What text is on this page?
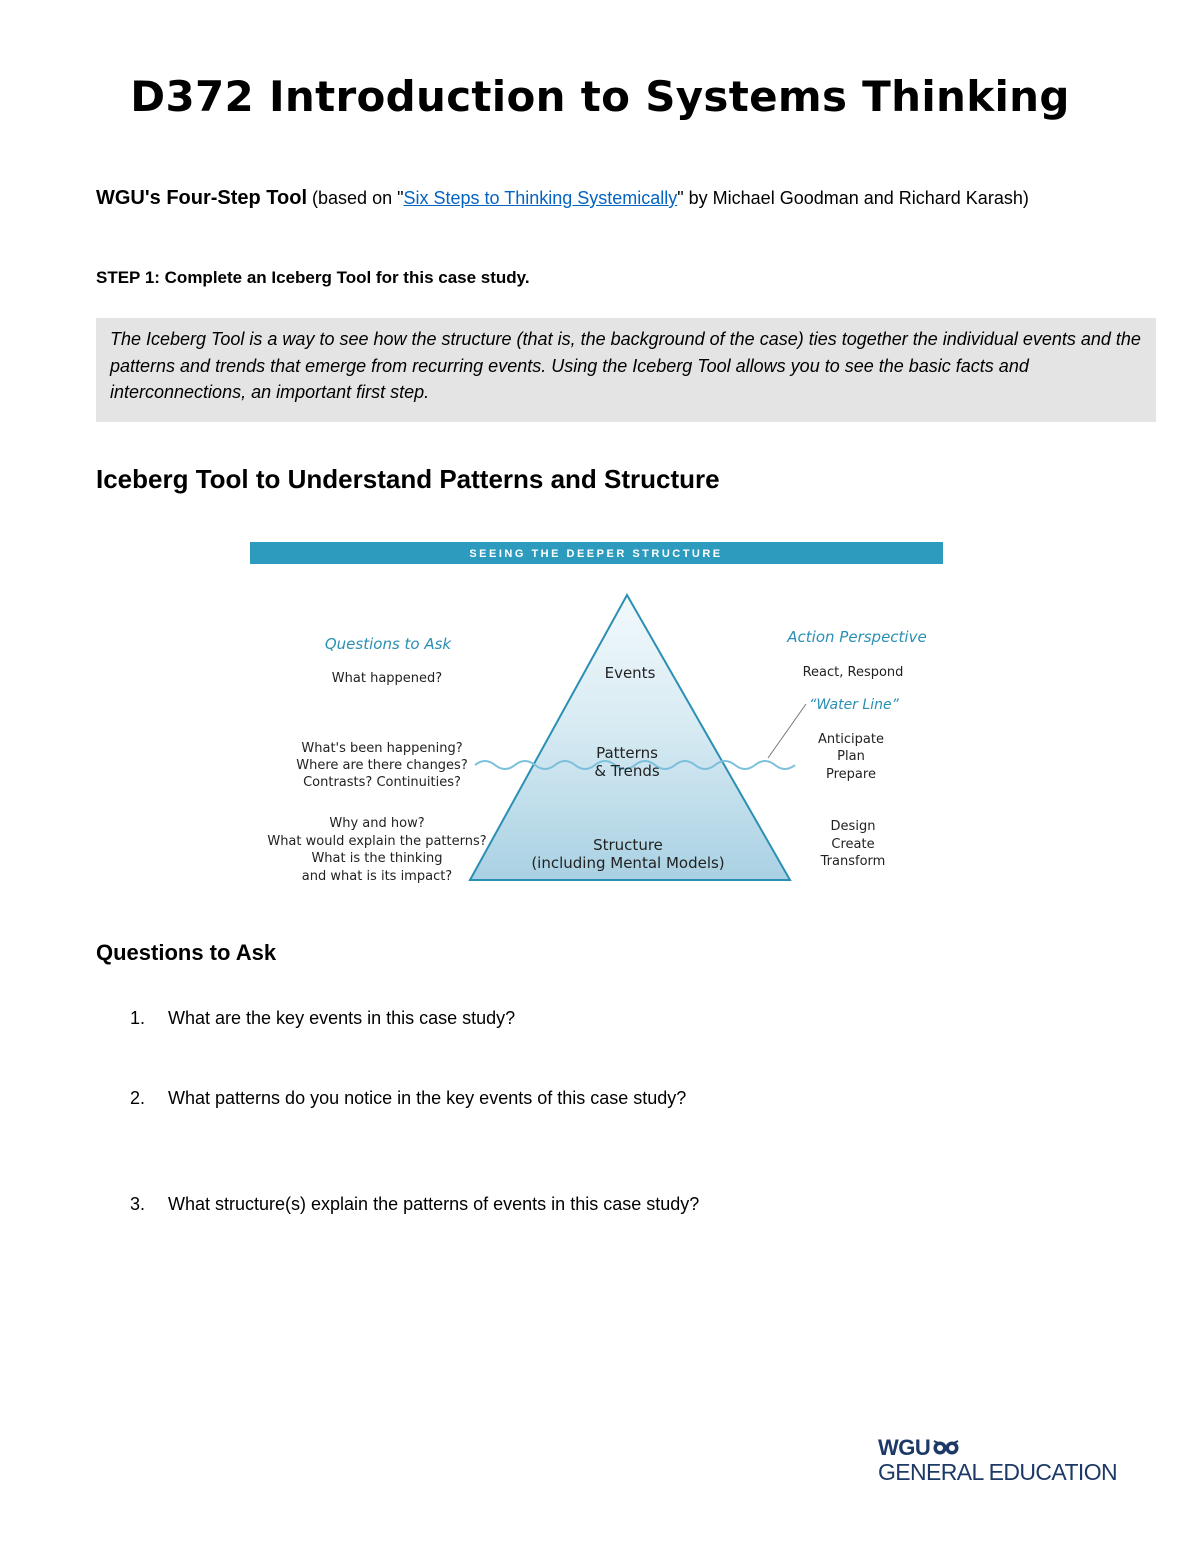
D372 Introduction to Systems Thinking
WGU's Four-Step Tool (based on "Six Steps to Thinking Systemically" by Michael Goodman and Richard Karash)
STEP 1: Complete an Iceberg Tool for this case study.
The Iceberg Tool is a way to see how the structure (that is, the background of the case) ties together the individual events and the patterns and trends that emerge from recurring events. Using the Iceberg Tool allows you to see the basic facts and interconnections, an important first step.
Iceberg Tool to Understand Patterns and Structure
SEEING THE DEEPER STRUCTURE
Events
Patterns
& Trends
Structure
(including Mental Models)
Questions to Ask
What happened?
What's been happening?
Where are there changes?
Contrasts? Continuities?
Why and how?
What would explain the patterns?
What is the thinking
and what is its impact?
Action Perspective
React, Respond
“Water Line”
Anticipate
Plan
Prepare
Design
Create
Transform
Questions to Ask
1. What are the key events in this case study?
2. What patterns do you notice in the key events of this case study?
3. What structure(s) explain the patterns of events in this case study?
WGU
GENERAL EDUCATION
